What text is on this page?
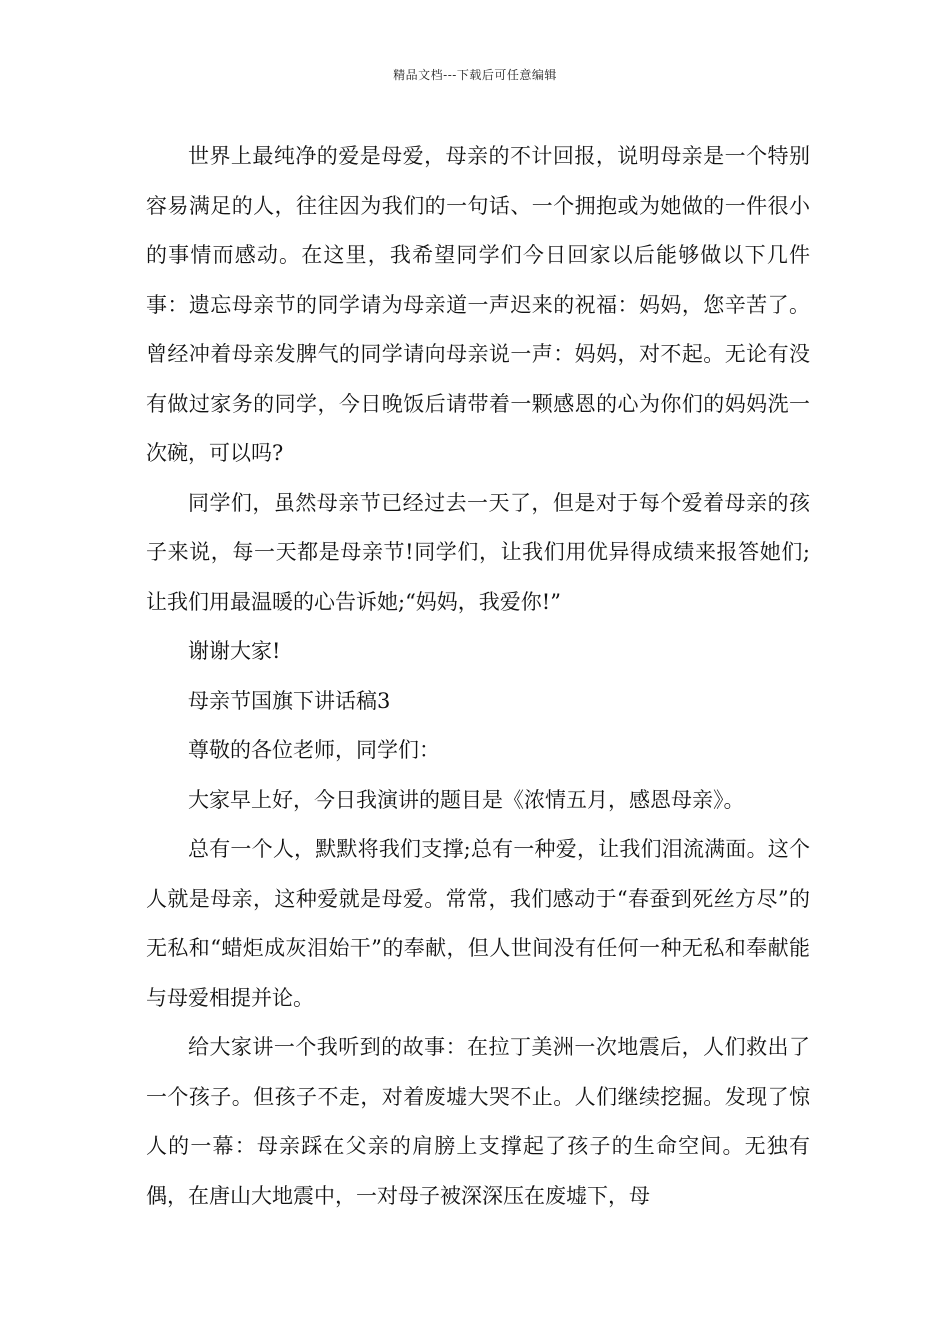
精品文档---下载后可任意编辑

世界上最纯净的爱是母爱，母亲的不计回报，说明母亲是一个特别容易满足的人，往往因为我们的一句话、一个拥抱或为她做的一件很小的事情而感动。在这里，我希望同学们今日回家以后能够做以下几件事：遗忘母亲节的同学请为母亲道一声迟来的祝福：妈妈，您辛苦了。曾经冲着母亲发脾气的同学请向母亲说一声：妈妈，对不起。无论有没有做过家务的同学，今日晚饭后请带着一颗感恩的心为你们的妈妈洗一次碗，可以吗?

同学们，虽然母亲节已经过去一天了，但是对于每个爱着母亲的孩子来说，每一天都是母亲节!同学们，让我们用优异得成绩来报答她们;让我们用最温暖的心告诉她;“妈妈，我爱你!”

谢谢大家!

母亲节国旗下讲话稿3

尊敬的各位老师，同学们：

大家早上好，今日我演讲的题目是《浓情五月，感恩母亲》。

总有一个人，默默将我们支撑;总有一种爱，让我们泪流满面。这个人就是母亲，这种爱就是母爱。常常，我们感动于“春蚕到死丝方尽”的无私和“蜡炬成灰泪始干”的奉献，但人世间没有任何一种无私和奉献能与母爱相提并论。

给大家讲一个我听到的故事：在拉丁美洲一次地震后，人们救出了一个孩子。但孩子不走，对着废墟大哭不止。人们继续挖掘。发现了惊人的一幕：母亲踩在父亲的肩膀上支撑起了孩子的生命空间。无独有偶，在唐山大地震中，一对母子被深深压在废墟下，母
